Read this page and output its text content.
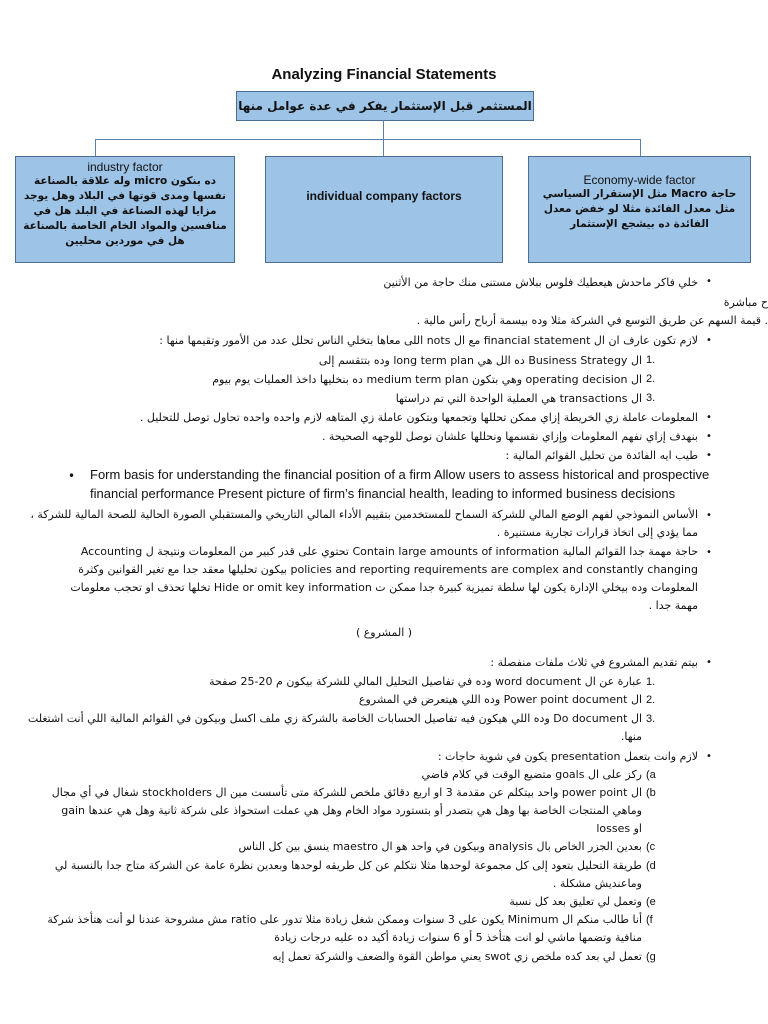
Analyzing Financial Statements
المستثمر قبل الإستثمار يفكر في عدة عوامل منها
industry factor
ده بنكون micro وله علاقة بالصناعة نفسها ومدى قوتها في البلاد وهل يوجد مزايا لهذه الصناعة في البلد هل في منافسين والمواد الخام الخاصة بالصناعة هل في موردين محليين
individual company factors
Economy-wide factor
حاجة Macro مثل الإستقرار السياسي مثل معدل الفائدة مثلا لو خفض معدل الفائدة ده بيشجع الإستثمار
•
خلي فاكر ماحدش هيعطيك فلوس ببلاش مستنى منك حاجة من الأثنين
ح مباشرة
. قيمة السهم عن طريق التوسع في الشركة مثلا وده بيسمة أرباح رأس مالية .
•
لازم تكون عارف ان ال financial statement مع ال nots اللى معاها بتخلي الناس تحلل عدد من الأمور وتقيمها منها :
1.
ال Business Strategy ده الل هي long term plan وده بتتقسم إلى
2.
ال operating decision وهي بتكون medium term plan ده بنخليها داخذ العمليات يوم بيوم
3.
ال transactions هي العملية الواحدة التي تم دراستها
•
المعلومات عاملة زي الخريطة إزاي ممكن تحللها وتجمعها وبتكون عاملة زي المتاهه لازم واحده واحده تحاول توصل للتحليل .
•
بنهدف إزاي نفهم المعلومات وإزاي نقسمها ونحللها علشان نوصل للوجهه الصحيحة .
•
طيب ايه الفائدة من تحليل القوائم المالية :
• Form basis for understanding the financial position of a firm Allow users to assess historical and prospective
financial performance Present picture of firm’s financial health, leading to informed business decisions
•
الأساس النموذجي لفهم الوضع المالي للشركة السماح للمستخدمين بتقييم الأداء المالي التاريخي والمستقبلي الصورة الحالية للصحة المالية للشركة ،
مما يؤدي إلى اتخاذ قرارات تجارية مستنيرة .
•
حاجة مهمة جدا القوائم المالية Contain large amounts of information تحتوي على قدر كبير من المعلومات ونتيجة ل Accounting
policies and reporting requirements are complex and constantly changing بيكون تحليلها معقد جدا مع تغير القوانين وكثرة
المعلومات وده بيخلي الإدارة يكون لها سلطة تميزية كبيرة جدا ممكن ت Hide or omit key information تخلها تحذف او تحجب معلومات
مهمة جدا .
( المشروع )
•
بيتم تقديم المشروع في ثلاث ملفات منفصلة :
1.
عبارة عن ال word document وده في تفاصيل التحليل المالي للشركة بيكون م 20-25 صفحة
2.
ال Power point document وده اللي هيتعرض في المشروع
3.
ال Do document وده اللي هيكون فيه تفاصيل الحسابات الخاصة بالشركة زي ملف اكسل وبيكون في القوائم المالية اللي أنت اشتغلت
منها.
•
لازم وانت بتعمل presentation يكون في شوية حاجات :
(a
ركز على ال goals متضيع الوقت في كلام فاضي
(b
ال power point واحد بيتكلم عن مقدمة 3 او اربع دقائق ملخص للشركة متى تأسست مين ال stockholders شغال في أي مجال
وماهي المنتجات الخاصة بها وهل هي بتصدر أو بتستورد مواد الخام وهل هي عملت استحواذ على شركة ثانية وهل هي عندها gain
او losses
(c
بعدين الجزر الخاص بال analysis وبيكون في واحد هو ال maestro ينسق بين كل الناس
(d
طريقة التحليل بتعود إلى كل مجموعة لوحدها مثلا نتكلم عن كل طريقه لوحدها وبعدين نظرة عامة عن الشركة متاح جدا بالنسبة لي
وماعنديش مشكلة .
(e
وتعمل لي تعليق بعد كل نسبة
(f
أنا طالب منكم ال Minimum يكون على 3 سنوات وممكن شغل زيادة مثلا تدور على ratio مش مشروحة عندنا لو أنت هتأخذ شركة
منافية وتضمها ماشي لو انت هتأخذ 5 أو 6 سنوات زيادة أكيد ده عليه درجات زيادة
(g
تعمل لي بعد كده ملخص زي swot يعني مواطن القوة والضعف والشركة تعمل إيه
